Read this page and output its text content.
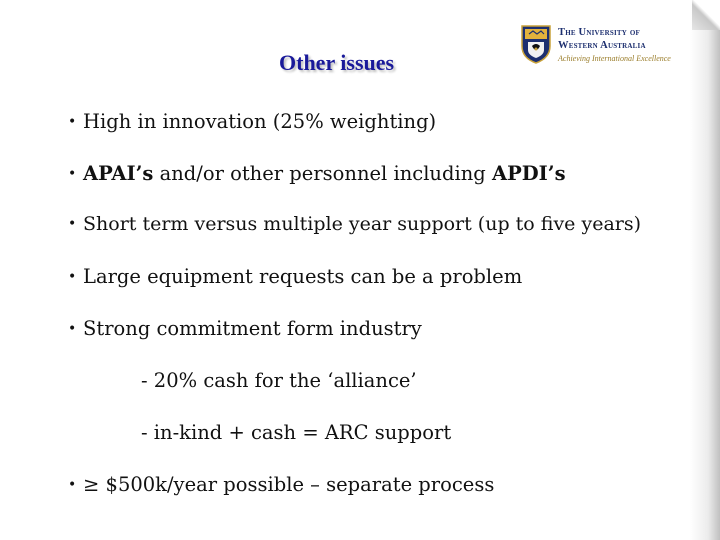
Other issues
The University of
Western Australia
Achieving International Excellence
• High in innovation (25% weighting)
• APAI’s and/or other personnel including APDI’s
• Short term versus multiple year support (up to five years)
• Large equipment requests can be a problem
• Strong commitment form industry
- 20% cash for the ‘alliance’
- in-kind + cash = ARC support
• ≥ $500k/year possible – separate process
